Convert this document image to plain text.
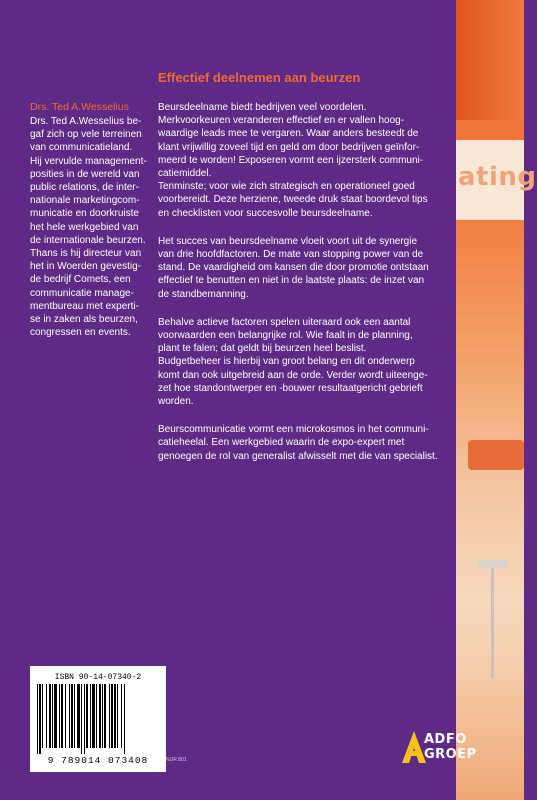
ating
Effectief deelnemen aan beurzen
Drs. Ted A.Wesselius
Drs. Ted A.Wesselius be-
gaf zich op vele terreinen
van communicatieland.
Hij vervulde management-
posities in de wereld van
public relations, de inter-
nationale marketingcom-
municatie en doorkruiste
het hele werkgebied van
de internationale beurzen.
Thans is hij directeur van
het in Woerden gevestig-
de bedrijf Comets, een
communicatie manage-
mentbureau met experti-
se in zaken als beurzen,
congressen en events.

Beursdeelname biedt bedrijven veel voordelen.
Merkvoorkeuren veranderen effectief en er vallen hoog-
waardige leads mee te vergaren. Waar anders besteedt de
klant vrijwillig zoveel tijd en geld om door bedrijven geïnfor-
meerd te worden! Exposeren vormt een ijzersterk communi-
catiemiddel.
Tenminste; voor wie zich strategisch en operationeel goed
voorbereidt. Deze herziene, tweede druk staat boordevol tips
en checklisten voor succesvolle beursdeelname.

Het succes van beursdeelname vloeit voort uit de synergie
van drie hoofdfactoren. De mate van stopping power van de
stand. De vaardigheid om kansen die door promotie ontstaan
effectief te benutten en niet in de laatste plaats: de inzet van
de standbemanning.

Behalve actieve factoren spelen uiteraard ook een aantal
voorwaarden een belangrijke rol. Wie faalt in de planning,
plant te falen; dat geldt bij beurzen heel beslist.
Budgetbeheer is hierbij van groot belang en dit onderwerp
komt dan ook uitgebreid aan de orde. Verder wordt uiteenge-
zet hoe standontwerper en -bouwer resultaatgericht gebrieft
worden.

Beurscommunicatie vormt een microkosmos in het communi-
catieheelal. Een werkgebied waarin de expo-expert met
genoegen de rol van generalist afwisselt met die van specialist.

ISBN 90-14-07340-2
9 789014 073408	NUR 801
ADFO
GROEP
